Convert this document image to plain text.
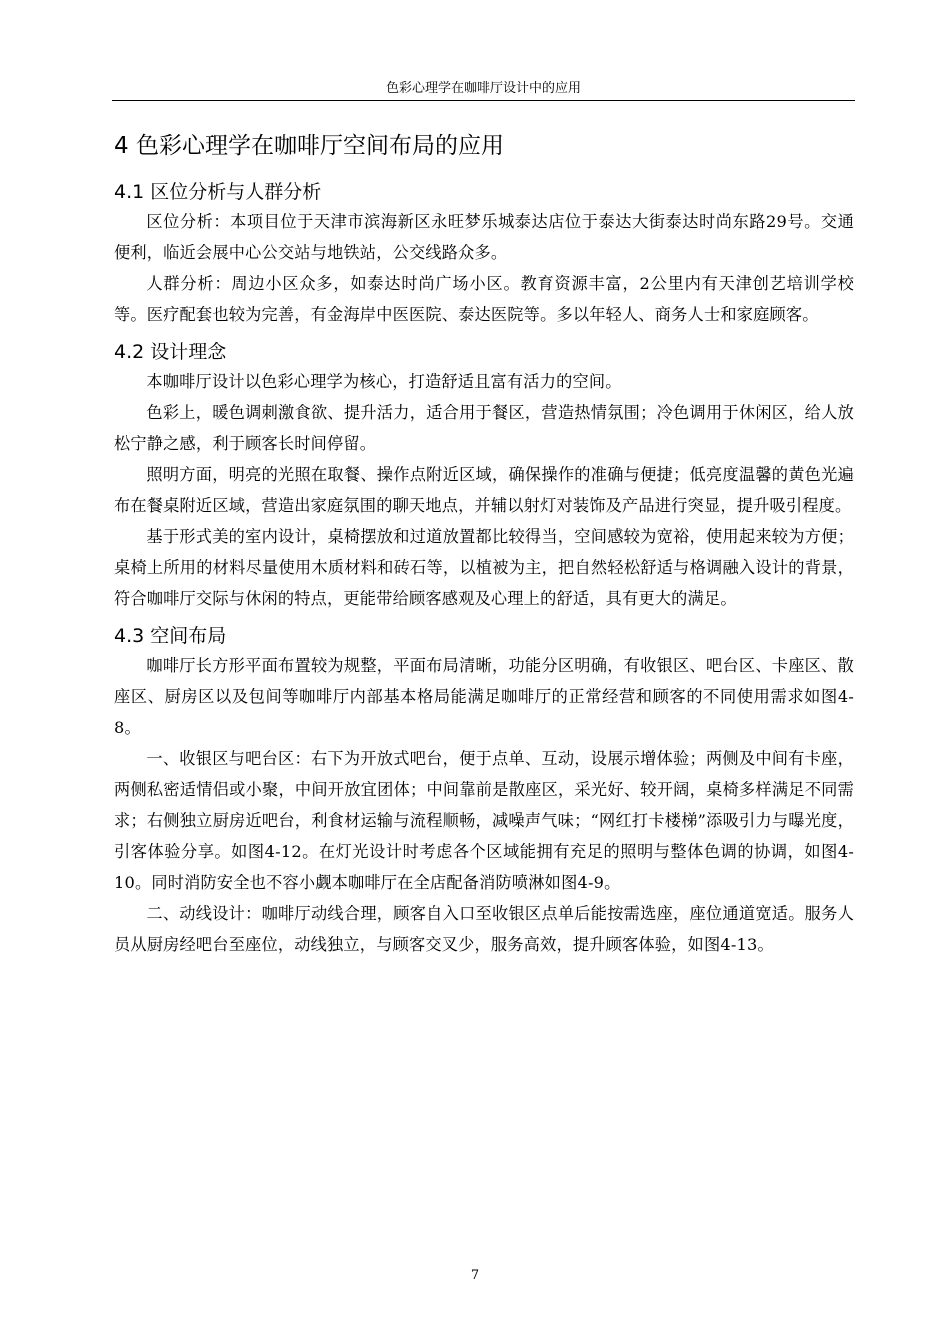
色彩心理学在咖啡厅设计中的应用
4 色彩心理学在咖啡厅空间布局的应用
4.1 区位分析与人群分析

区位分析：本项目位于天津市滨海新区永旺梦乐城泰达店位于泰达大街泰达时尚东路29号。交通便利，临近会展中心公交站与地铁站，公交线路众多。

人群分析：周边小区众多，如泰达时尚广场小区。教育资源丰富，2公里内有天津创艺培训学校等。医疗配套也较为完善，有金海岸中医医院、泰达医院等。多以年轻人、商务人士和家庭顾客。

4.2 设计理念

本咖啡厅设计以色彩心理学为核心，打造舒适且富有活力的空间。

色彩上，暖色调刺激食欲、提升活力，适合用于餐区，营造热情氛围；冷色调用于休闲区，给人放松宁静之感，利于顾客长时间停留。

照明方面，明亮的光照在取餐、操作点附近区域，确保操作的准确与便捷；低亮度温馨的黄色光遍布在餐桌附近区域，营造出家庭氛围的聊天地点，并辅以射灯对装饰及产品进行突显，提升吸引程度。

基于形式美的室内设计，桌椅摆放和过道放置都比较得当，空间感较为宽裕，使用起来较为方便；桌椅上所用的材料尽量使用木质材料和砖石等，以植被为主，把自然轻松舒适与格调融入设计的背景，符合咖啡厅交际与休闲的特点，更能带给顾客感观及心理上的舒适，具有更大的满足。

4.3 空间布局

咖啡厅长方形平面布置较为规整，平面布局清晰，功能分区明确，有收银区、吧台区、卡座区、散座区、厨房区以及包间等咖啡厅内部基本格局能满足咖啡厅的正常经营和顾客的不同使用需求如图4-8。

一、收银区与吧台区：右下为开放式吧台，便于点单、互动，设展示增体验；两侧及中间有卡座，两侧私密适情侣或小聚，中间开放宜团体；中间靠前是散座区，采光好、较开阔，桌椅多样满足不同需求；右侧独立厨房近吧台，利食材运输与流程顺畅，减噪声气味；“网红打卡楼梯”添吸引力与曝光度，引客体验分享。如图4-12。在灯光设计时考虑各个区域能拥有充足的照明与整体色调的协调，如图4-10。同时消防安全也不容小觑本咖啡厅在全店配备消防喷淋如图4-9。

二、动线设计：咖啡厅动线合理，顾客自入口至收银区点单后能按需选座，座位通道宽适。服务人员从厨房经吧台至座位，动线独立，与顾客交叉少，服务高效，提升顾客体验，如图4-13。

7
